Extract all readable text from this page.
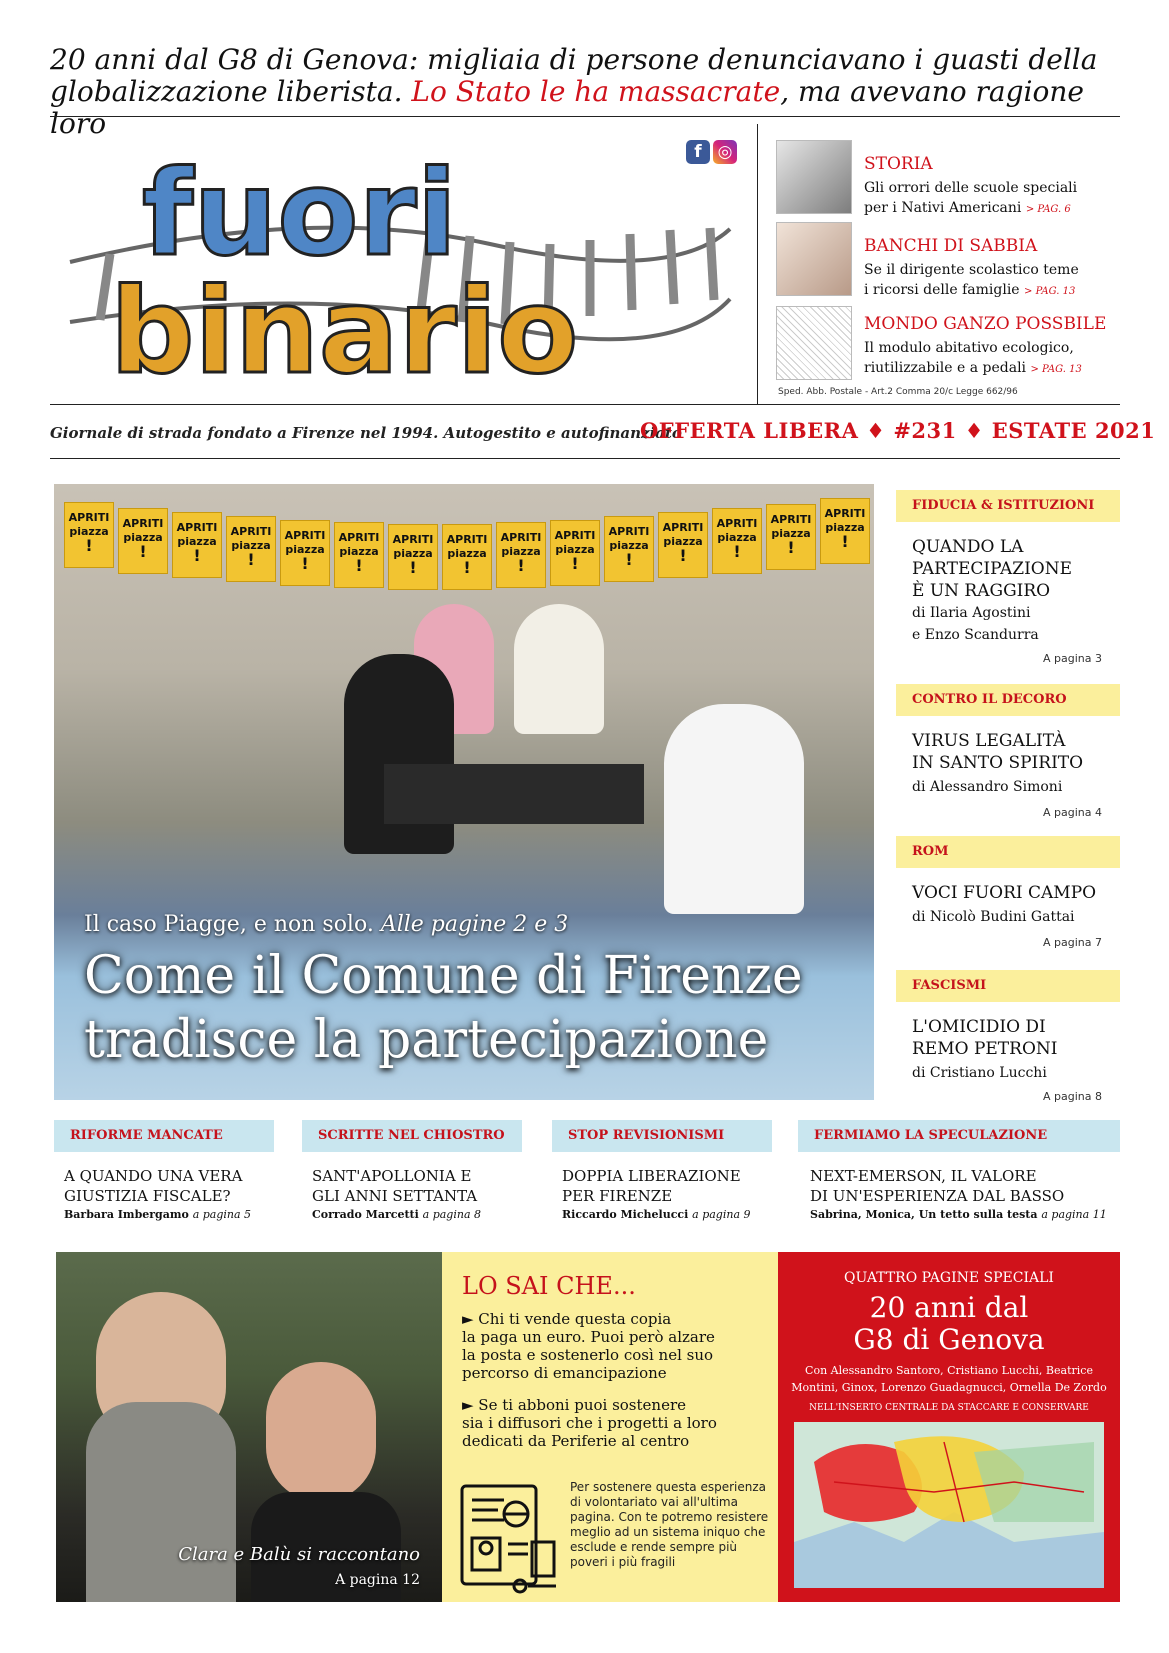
20 anni dal G8 di Genova: migliaia di persone denunciavano i guasti della
globalizzazione liberista. Lo Stato le ha massacrate, ma avevano ragione loro
fuori
binario
f ◎
STORIA
Gli orrori delle scuole speciali
per i Nativi Americani > PAG. 6
BANCHI DI SABBIA
Se il dirigente scolastico teme
i ricorsi delle famiglie > PAG. 13
MONDO GANZO POSSBILE
Il modulo abitativo ecologico,
riutilizzabile e a pedali > PAG. 13
Sped. Abb. Postale - Art.2 Comma 20/c Legge 662/96
Giornale di strada fondato a Firenze nel 1994. Autogestito e autofinanziato
OFFERTA LIBERA ♦ #231 ♦ ESTATE 2021
APRITI
piazza !
APRITI
piazza !
APRITI
piazza !
APRITI
piazza !
APRITI
piazza !
APRITI
piazza !
APRITI
piazza !
APRITI
piazza !
APRITI
piazza !
APRITI
piazza !
APRITI
piazza !
APRITI
piazza !
APRITI
piazza !
APRITI
piazza !
APRITI
piazza !
Il caso Piagge, e non solo. Alle pagine 2 e 3
Come il Comune di Firenze
tradisce la partecipazione
FIDUCIA & ISTITUZIONI
QUANDO LA
PARTECIPAZIONE
È UN RAGGIRO
di Ilaria Agostini
e Enzo Scandurra
A pagina 3
CONTRO IL DECORO
VIRUS LEGALITÀ
IN SANTO SPIRITO
di Alessandro Simoni
A pagina 4
ROM
VOCI FUORI CAMPO
di Nicolò Budini Gattai
A pagina 7
FASCISMI
L'OMICIDIO DI
REMO PETRONI
di Cristiano Lucchi
A pagina 8
RIFORME MANCATE
A QUANDO UNA VERA
GIUSTIZIA FISCALE?
Barbara Imbergamo a pagina 5
SCRITTE NEL CHIOSTRO
SANT'APOLLONIA E
GLI ANNI SETTANTA
Corrado Marcetti a pagina 8
STOP REVISIONISMI
DOPPIA LIBERAZIONE
PER FIRENZE
Riccardo Michelucci a pagina 9
FERMIAMO LA SPECULAZIONE
NEXT-EMERSON, IL VALORE
DI UN'ESPERIENZA DAL BASSO
Sabrina, Monica, Un tetto sulla testa a pagina 11
Clara e Balù si raccontano
A pagina 12
LO SAI CHE...
► Chi ti vende questa copia
la paga un euro. Puoi però alzare
la posta e sostenerlo così nel suo
percorso di emancipazione
► Se ti abboni puoi sostenere
sia i diffusori che i progetti a loro
dedicati da Periferie al centro
Per sostenere questa esperienza di volontariato vai all'ultima pagina. Con te potremo resistere meglio ad un sistema iniquo che esclude e rende sempre più poveri i più fragili
QUATTRO PAGINE SPECIALI
20 anni dal
G8 di Genova
Con Alessandro Santoro, Cristiano Lucchi, Beatrice
Montini, Ginox, Lorenzo Guadagnucci, Ornella De Zordo
NELL'INSERTO CENTRALE DA STACCARE E CONSERVARE
